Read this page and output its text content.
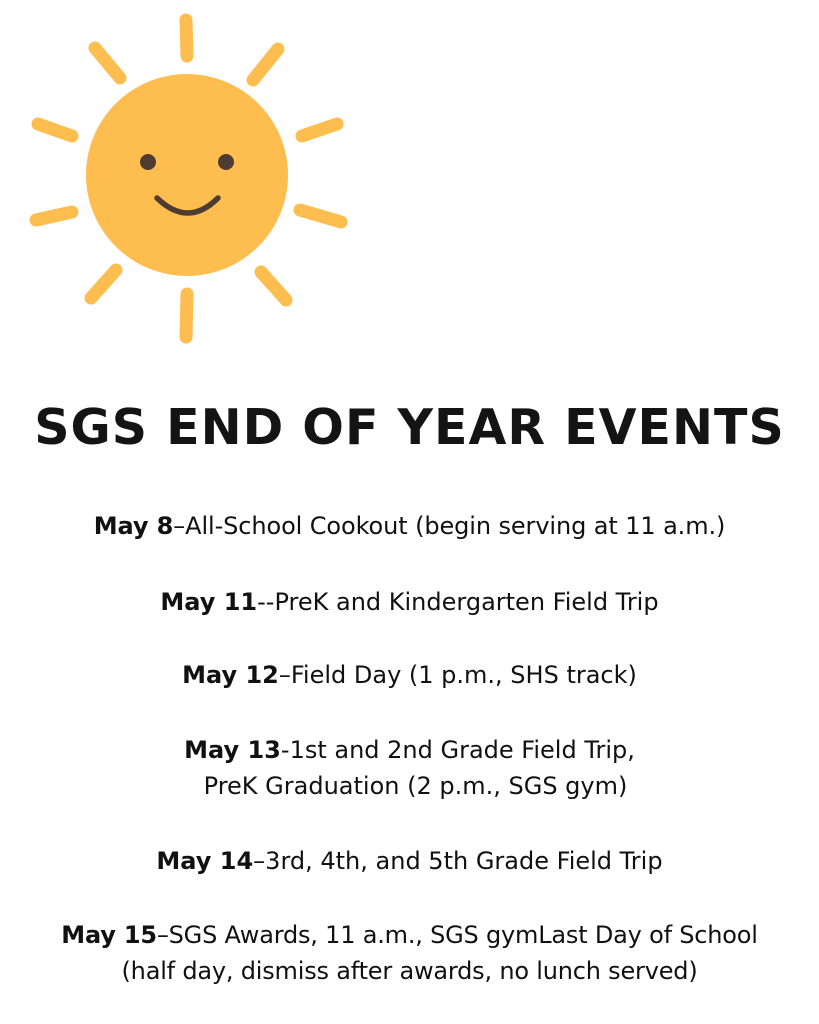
SGS END OF YEAR EVENTS
May 8–All-School Cookout (begin serving at 11 a.m.)
May 11--PreK and Kindergarten Field Trip
May 12–Field Day (1 p.m., SHS track)
May 13-1st and 2nd Grade Field Trip,
PreK Graduation (2 p.m., SGS gym)
May 14–3rd, 4th, and 5th Grade Field Trip
May 15–SGS Awards, 11 a.m., SGS gymLast Day of School
(half day, dismiss after awards, no lunch served)
